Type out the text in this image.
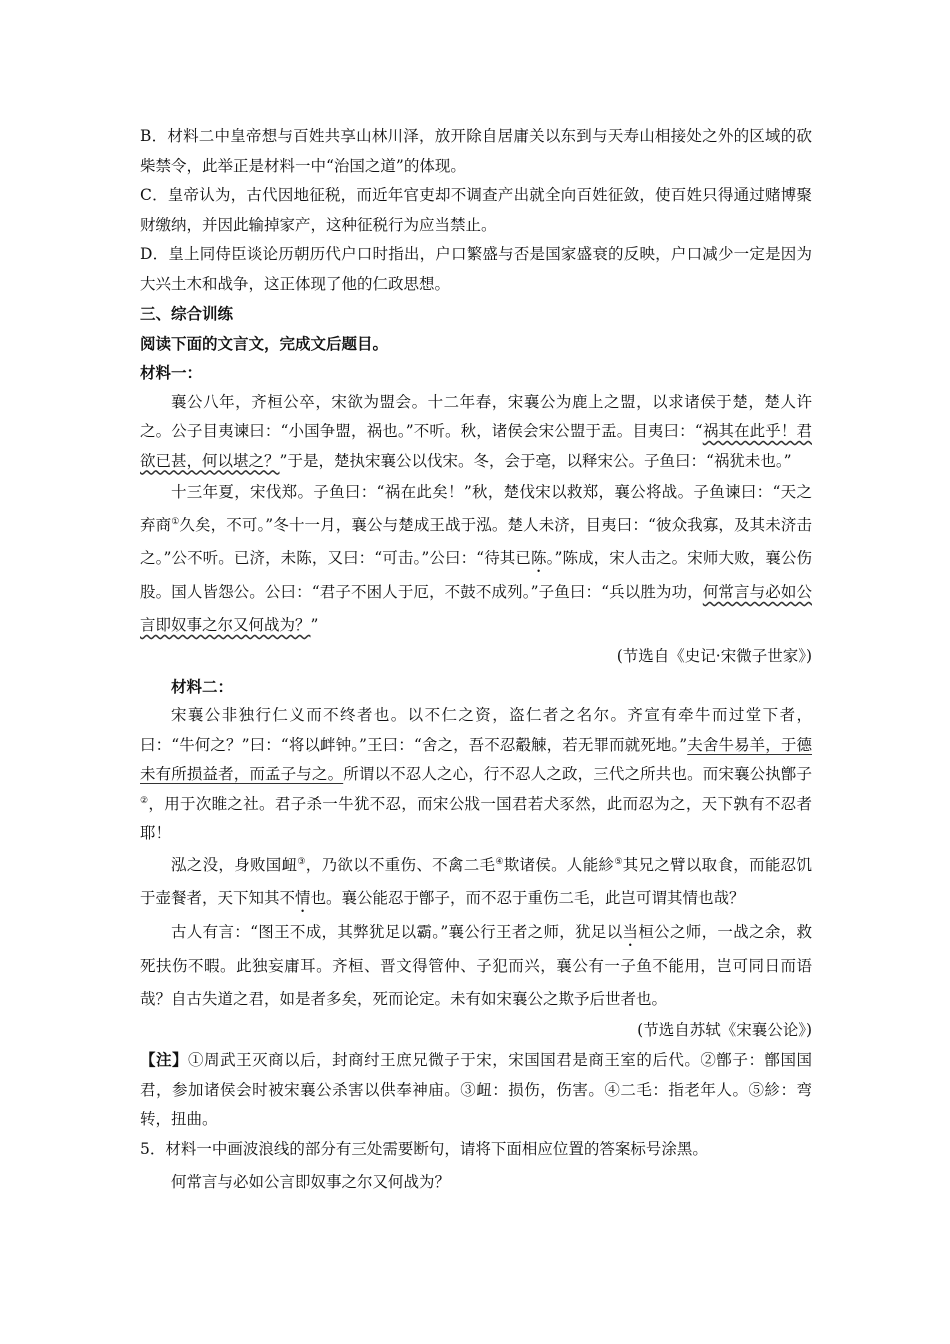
B．材料二中皇帝想与百姓共享山林川泽，放开除自居庸关以东到与天寿山相接处之外的区域的砍柴禁令，此举正是材料一中“治国之道”的体现。

C．皇帝认为，古代因地征税，而近年官吏却不调查产出就全向百姓征敛，使百姓只得通过赌博聚财缴纳，并因此输掉家产，这种征税行为应当禁止。

D．皇上同侍臣谈论历朝历代户口时指出，户口繁盛与否是国家盛衰的反映，户口减少一定是因为大兴土木和战争，这正体现了他的仁政思想。

三、综合训练

阅读下面的文言文，完成文后题目。

材料一：

襄公八年，齐桓公卒，宋欲为盟会。十二年春，宋襄公为鹿上之盟，以求诸侯于楚，楚人许之。公子目夷谏曰：“小国争盟，祸也。”不听。秋，诸侯会宋公盟于盂。目夷曰：“祸其在此乎！君欲已甚，何以堪之？”于是，楚执宋襄公以伐宋。冬，会于亳，以释宋公。子鱼曰：“祸犹未也。”

十三年夏，宋伐郑。子鱼曰：“祸在此矣！”秋，楚伐宋以救郑，襄公将战。子鱼谏曰：“天之弃商①久矣，不可。”冬十一月，襄公与楚成王战于泓。楚人未济，目夷曰：“彼众我寡，及其未济击之。”公不听。已济，未陈，又曰：“可击。”公曰：“待其已陈。”陈成，宋人击之。宋师大败，襄公伤股。国人皆怨公。公曰：“君子不困人于厄，不鼓不成列。”子鱼曰：“兵以胜为功，何常言与必如公言即奴事之尔又何战为？”

(节选自《史记·宋微子世家》)

材料二：

宋襄公非独行仁义而不终者也。以不仁之资，盗仁者之名尔。齐宣有牵牛而过堂下者，曰：“牛何之？”曰：“将以衅钟。”王曰：“舍之，吾不忍觳觫，若无罪而就死地。”夫舍牛易羊，于德未有所损益者，而孟子与之。所谓以不忍人之心，行不忍人之政，三代之所共也。而宋襄公执鄫子②，用于次睢之社。君子杀一牛犹不忍，而宋公戕一国君若犬豕然，此而忍为之，天下孰有不忍者耶！

泓之没，身败国衄③，乃欲以不重伤、不禽二毛④欺诸侯。人能紾⑤其兄之臂以取食，而能忍饥于壶餐者，天下知其不情也。襄公能忍于鄫子，而不忍于重伤二毛，此岂可谓其情也哉？

古人有言：“图王不成，其弊犹足以霸。”襄公行王者之师，犹足以当桓公之师，一战之余，救死扶伤不暇。此独妄庸耳。齐桓、晋文得管仲、子犯而兴，襄公有一子鱼不能用，岂可同日而语哉？自古失道之君，如是者多矣，死而论定。未有如宋襄公之欺予后世者也。

(节选自苏轼《宋襄公论》)

【注】①周武王灭商以后，封商纣王庶兄微子于宋，宋国国君是商王室的后代。②鄫子：鄫国国君，参加诸侯会时被宋襄公杀害以供奉神庙。③衄：损伤，伤害。④二毛：指老年人。⑤紾：弯转，扭曲。

5．材料一中画波浪线的部分有三处需要断句，请将下面相应位置的答案标号涂黑。

何常言与必如公言即奴事之尔又何战为？
